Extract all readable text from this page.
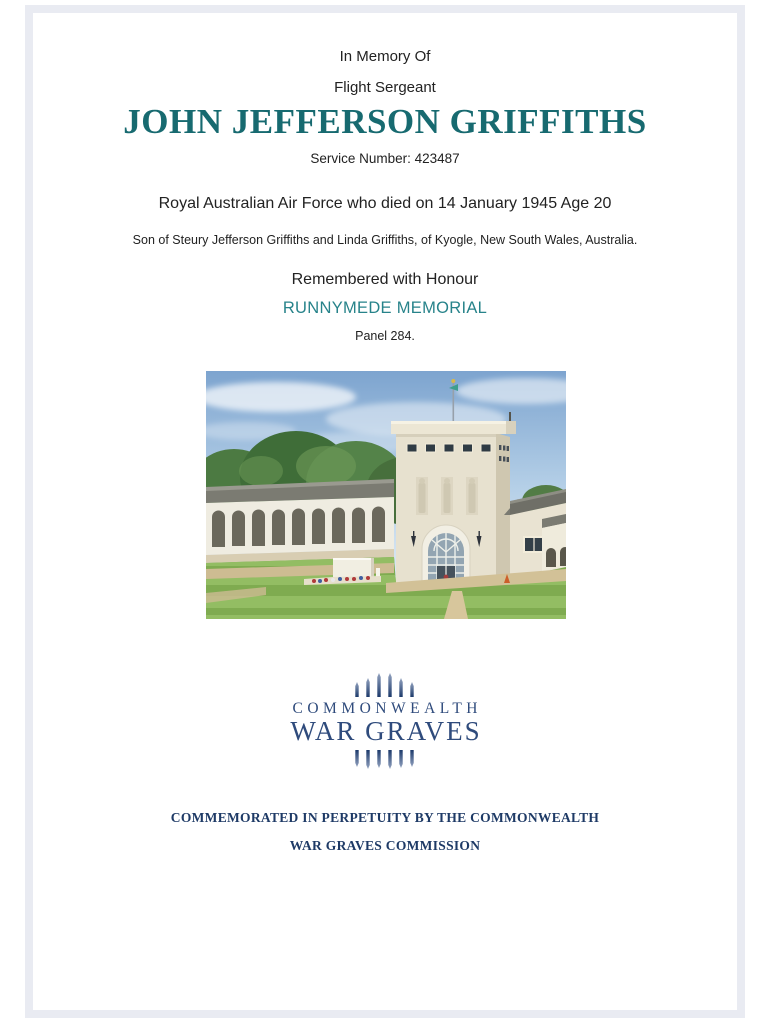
In Memory Of
Flight Sergeant
JOHN JEFFERSON GRIFFITHS
Service Number: 423487
Royal Australian Air Force who died on 14 January 1945 Age 20
Son of Steury Jefferson Griffiths and Linda Griffiths, of Kyogle, New South Wales, Australia.
Remembered with Honour
RUNNYMEDE MEMORIAL
Panel 284.
COMMONWEALTH
WAR GRAVES
COMMEMORATED IN PERPETUITY BY THE COMMONWEALTH
WAR GRAVES COMMISSION
